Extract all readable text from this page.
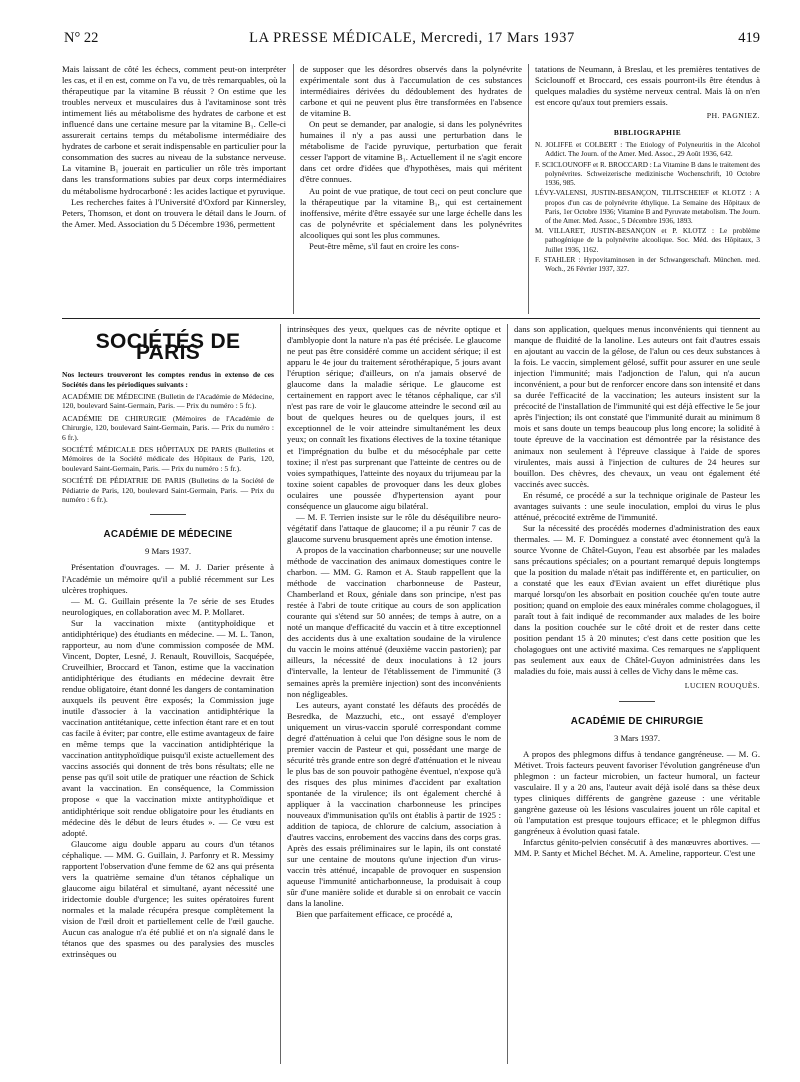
N° 22	LA PRESSE MÉDICALE, Mercredi, 17 Mars 1937	419

Mais laissant de côté les échecs, comment peut-on interpréter les cas, et il en est, comme on l'a vu, de très remarquables, où la thérapeutique par la vitamine B réussit ? On estime que les troubles nerveux et musculaires dus à l'avitaminose sont très intimement liés au métabolisme des hydrates de carbone et est influencé dans une certaine mesure par la vitamine B₁. Celle-ci assurerait certains temps du métabolisme intermédiaire des hydrates de carbone et serait indispensable en particulier pour la consommation des sucres au niveau de la substance nerveuse. La vitamine B₁ jouerait en particulier un rôle très important dans les transformations subies par deux corps intermédiaires du métabolisme hydrocarboné : les acides lactique et pyruvique.

Les recherches faites à l'Université d'Oxford par Kinnersley, Peters, Thomson, et dont on trouvera le détail dans le Journ. of the Amer. Med. Association du 5 Décembre 1936, permettent

de supposer que les désordres observés dans la polynévrite expérimentale sont dus à l'accumulation de ces substances intermédiaires dérivées du dédoublement des hydrates de carbone et qui ne peuvent plus être transformées en l'absence de vitamine B.

On peut se demander, par analogie, si dans les polynévrites humaines il n'y a pas aussi une perturbation dans le métabolisme de l'acide pyruvique, perturbation que ferait cesser l'apport de vitamine B₁. Actuellement il ne s'agit encore dans cet ordre d'idées que d'hypothèses, mais qui méritent d'être connues.

Au point de vue pratique, de tout ceci on peut conclure que la thérapeutique par la vitamine B₁, qui est certainement inoffensive, mérite d'être essayée sur une large échelle dans les cas de polynévrite et spécialement dans les polynévrites alcooliques qui sont les plus communes.

Peut-être même, s'il faut en croire les cons-

tatations de Neumann, à Breslau, et les premières tentatives de Sciclounoff et Broccard, ces essais pourront-ils être étendus à quelques maladies du système nerveux central. Mais là on n'en est encore qu'aux tout premiers essais.

PH. PAGNIEZ.
BIBLIOGRAPHIE

N. JOLIFFE et COLBERT : The Etiology of Polyneuritis in the Alcohol Addict. The Journ. of the Amer. Med. Assoc., 29 Août 1936, 642.

F. SCICLOUNOFF et R. BROCCARD : La Vitamine B dans le traitement des polynévrites. Schweizerische medizinische Wochenschrift, 10 Octobre 1936, 985.

LÉVY-VALENSI, JUSTIN-BESANÇON, TILITSCHEIEF et KLOTZ : A propos d'un cas de polynévrite éthylique. La Semaine des Hôpitaux de Paris, 1er Octobre 1936; Vitamine B and Pyruvate metabolism. The Journ. of the Amer. Med. Assoc., 5 Décembre 1936, 1893.

M. VILLARET, JUSTIN-BESANÇON et P. KLOTZ : Le problème pathogénique de la polynévrite alcoolique. Soc. Méd. des Hôpitaux, 3 Juillet 1936, 1162.

F. STAHLER : Hypovitaminosen in der Schwangerschaft. München. med. Woch., 26 Février 1937, 327.

SOCIÉTÉS DE PARIS

Nos lecteurs trouveront les comptes rendus in extenso de ces Sociétés dans les périodiques suivants :

ACADÉMIE DE MÉDECINE (Bulletin de l'Académie de Médecine, 120, boulevard Saint-Germain, Paris. — Prix du numéro : 5 fr.).

ACADÉMIE DE CHIRURGIE (Mémoires de l'Académie de Chirurgie, 120, boulevard Saint-Germain, Paris. — Prix du numéro : 6 fr.).

SOCIÉTÉ MÉDICALE DES HÔPITAUX DE PARIS (Bulletins et Mémoires de la Société médicale des Hôpitaux de Paris, 120, boulevard Saint-Germain, Paris. — Prix du numéro : 5 fr.).

SOCIÉTÉ DE PÉDIATRIE DE PARIS (Bulletins de la Société de Pédiatrie de Paris, 120, boulevard Saint-Germain, Paris. — Prix du numéro : 6 fr.).

ACADÉMIE DE MÉDECINE
9 Mars 1937.

Présentation d'ouvrages. — M. J. Darier présente à l'Académie un mémoire qu'il a publié récemment sur Les ulcères trophiques.

— M. G. Guillain présente la 7e série de ses Etudes neurologiques, en collaboration avec M. P. Mollaret.

Sur la vaccination mixte (antityphoïdique et antidiphtérique) des étudiants en médecine. — M. L. Tanon, rapporteur, au nom d'une commission composée de MM. Vincent, Dopter, Lesné, J. Renault, Rouvillois, Sacquépée, Cruveilhier, Broccard et Tanon, estime que la vaccination antidiphtérique des étudiants en médecine devrait être rendue obligatoire, étant donné les dangers de contamination auxquels ils peuvent être exposés; la Commission juge inutile d'associer à la vaccination antidiphtérique la vaccination antitétanique, cette infection étant rare et en tout cas facile à éviter; par contre, elle estime avantageux de faire en même temps que la vaccination antidiphtérique la vaccination antityphoïdique puisqu'il existe actuellement des vaccins associés qui donnent de très bons résultats; elle ne pense pas qu'il soit utile de pratiquer une réaction de Schick avant la vaccination. En conséquence, la Commission propose « que la vaccination mixte antityphoïdique et antidiphtérique soit rendue obligatoire pour les étudiants en médecine dès le début de leurs études ». — Ce vœu est adopté.

Glaucome aigu double apparu au cours d'un tétanos céphalique. — MM. G. Guillain, J. Parfonry et R. Messimy rapportent l'observation d'une femme de 62 ans qui présenta vers la quatrième semaine d'un tétanos céphalique un glaucome aigu bilatéral et simultané, ayant nécessité une iridectomie double d'urgence; les suites opératoires furent normales et la malade récupéra presque complètement la vision de l'œil droit et partiellement celle de l'œil gauche. Aucun cas analogue n'a été publié et on n'a signalé dans le tétanos que des spasmes ou des paralysies des muscles extrinsèques ou

intrinsèques des yeux, quelques cas de névrite optique et d'amblyopie dont la nature n'a pas été précisée. Le glaucome ne peut pas être considéré comme un accident sérique; il est apparu le 4e jour du traitement sérothérapique, 5 jours avant l'éruption sérique; d'ailleurs, on n'a jamais observé de glaucome dans la maladie sérique. Le glaucome est certainement en rapport avec le tétanos céphalique, car s'il n'est pas rare de voir le glaucome atteindre le second œil au bout de quelques heures ou de quelques jours, il est exceptionnel de le voir atteindre simultanément les deux yeux; on connaît les fixations électives de la toxine tétanique et l'imprégnation du bulbe et du mésocéphale par cette toxine; il n'est pas surprenant que l'atteinte de centres ou de voies sympathiques, l'atteinte des noyaux du trijumeau par la toxine soient capables de provoquer dans les deux globes oculaires une poussée d'hypertension ayant pour conséquence un glaucome aigu bilatéral.

— M. F. Terrien insiste sur le rôle du déséquilibre neuro-végétatif dans l'attaque de glaucome; il a pu réunir 7 cas de glaucome survenu brusquement après une émotion intense.

A propos de la vaccination charbonneuse; sur une nouvelle méthode de vaccination des animaux domestiques contre le charbon. — MM. G. Ramon et A. Staub rappellent que la méthode de vaccination charbonneuse de Pasteur, Chamberland et Roux, géniale dans son principe, n'est pas restée à l'abri de toute critique au cours de son application courante qui s'étend sur 50 années; de temps à autre, on a noté un manque d'efficacité du vaccin et à titre exceptionnel des accidents dus à une exaltation soudaine de la virulence du vaccin le moins atténué (deuxième vaccin pastorien); par ailleurs, la nécessité de deux inoculations à 12 jours d'intervalle, la lenteur de l'établissement de l'immunité (3 semaines après la première injection) sont des inconvénients non négligeables.

Les auteurs, ayant constaté les défauts des procédés de Besredka, de Mazzuchi, etc., ont essayé d'employer uniquement un virus-vaccin sporulé correspondant comme degré d'atténuation à celui que l'on désigne sous le nom de premier vaccin de Pasteur et qui, possédant une marge de sécurité très grande entre son degré d'atténuation et le niveau le plus bas de son pouvoir pathogène éventuel, n'expose qu'à des risques des plus minimes d'accident par exaltation spontanée de la virulence; ils ont également cherché à appliquer à la vaccination charbonneuse les principes nouveaux d'immunisation qu'ils ont établis à partir de 1925 : addition de tapioca, de chlorure de calcium, association à d'autres vaccins, enrobement des vaccins dans des corps gras. Après des essais préliminaires sur le lapin, ils ont constaté sur une centaine de moutons qu'une injection d'un virus-vaccin très atténué, incapable de provoquer en suspension aqueuse l'immunité anticharbonneuse, la produisait à coup sûr d'une manière solide et durable si on enrobait ce vaccin dans la lanoline.

Bien que parfaitement efficace, ce procédé a,

dans son application, quelques menus inconvénients qui tiennent au manque de fluidité de la lanoline. Les auteurs ont fait d'autres essais en ajoutant au vaccin de la gélose, de l'alun ou ces deux substances à la fois. Le vaccin, simplement gélosé, suffit pour assurer en une seule injection l'immunité; mais l'adjonction de l'alun, qui n'a aucun inconvénient, a pour but de renforcer encore dans son intensité et dans sa durée l'efficacité de la vaccination; les auteurs insistent sur la précocité de l'installation de l'immunité qui est déjà effective le 5e jour après l'injection; ils ont constaté que l'immunité durait au minimum 8 mois et sans doute un temps beaucoup plus long encore; la solidité à toute épreuve de la vaccination est démontrée par la résistance des animaux non seulement à l'épreuve classique à l'aide de spores virulentes, mais aussi à l'injection de cultures de 24 heures sur bouillon. Des chèvres, des chevaux, un veau ont également été vaccinés avec succès.

En résumé, ce procédé a sur la technique originale de Pasteur les avantages suivants : une seule inoculation, emploi du virus le plus atténué, précocité extrême de l'immunité.

Sur la nécessité des procédés modernes d'administration des eaux thermales. — M. F. Dominguez a constaté avec étonnement qu'à la source Yvonne de Châtel-Guyon, l'eau est absorbée par les malades sans précautions spéciales; on a pourtant remarqué depuis longtemps que la position du malade n'était pas indifférente et, en particulier, on a constaté que les eaux d'Evian avaient un effet diurétique plus marqué lorsqu'on les absorbait en position couchée qu'en toute autre position; quand on emploie des eaux minérales comme cholagogues, il paraît tout à fait indiqué de recommander aux malades de les boire dans la position couchée sur le côté droit et de rester dans cette position pendant 15 à 20 minutes; c'est dans cette position que les cholagogues ont une activité maxima. Ces remarques ne s'appliquent pas seulement aux eaux de Châtel-Guyon administrées dans les maladies du foie, mais aussi à celles de Vichy dans le même cas.

LUCIEN ROUQUÈS.
ACADÉMIE DE CHIRURGIE
3 Mars 1937.

A propos des phlegmons diffus à tendance gangréneuse. — M. G. Métivet. Trois facteurs peuvent favoriser l'évolution gangréneuse d'un phlegmon : un facteur microbien, un facteur humoral, un facteur vasculaire. Il y a 20 ans, l'auteur avait déjà isolé dans sa thèse deux types cliniques différents de gangrène gazeuse : une véritable gangrène gazeuse où les lésions vasculaires jouent un rôle capital et où l'amputation est presque toujours efficace; et le phlegmon diffus gangréneux à évolution quasi fatale.

Infarctus génito-pelvien consécutif à des manœuvres abortives. — MM. P. Santy et Michel Béchet. M. A. Ameline, rapporteur. C'est une
